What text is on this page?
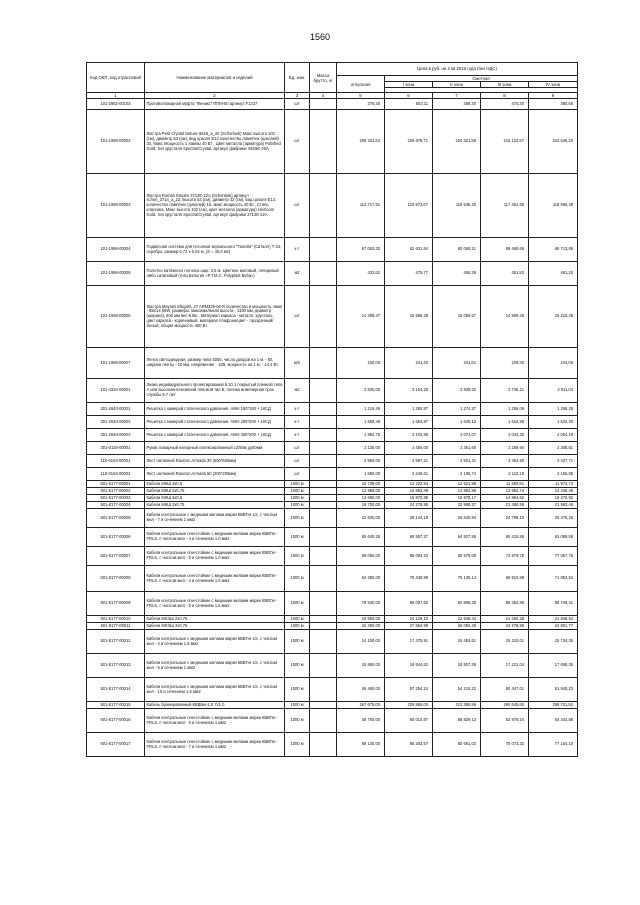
1560
Код ОКП, код отраслевой	Наименование материалов и изделий	Ед. изм.	Масса брутто, кг	Цена в руб. на 2 кв 2016 года (без НДС)				
				отпускная	Сметная			
					I зона	II зона	III зона	IV зона

1	2	3	4	5	6	7	8	9
101-3862-00103	Противопожарная муфта "Феникс" ППМ-50 артикул F1237	шт		379,25	502,11	489,20	470,20	480,65
101-1958-00002	Люстра Petit Crystal Deluxe 6618_a_20 (Schonbek) Макс высота 102 (см), диаметр 53 (см), вид цоколя Е12 количество ламп/чек (цоколей) 20, Макс Мощность 1 лампы 40 Вт , Цвет металла (арматура) Polished Gold, тип хрусталя Spectra/Crystal, артикул фабрики: 6618E-20A	шт		209 331,64	229 878,71	220 321,59	216 123,57	222 645,20
101-1958-00003	Люстра Roman Empire 3714E-22A (Schonbek) артикул schon_3714_a_22, высота 52 (см), диаметр 42 (см), вид цоколя Е12, количество ламп/чек (цоколей) 10, макс.мощность 40 Вт., Стиль классика, Макс высота 102 (см), цвет металла (арматура) Heirloom Gold, тип хрусталя Spectra/Crystal, артикул фабрики 3714E-22A	шт		112 717,51	123 673,67	118 635,20	117 451,65	119 586,38
101-1958-00004	Подвесная система для потолков зеркального "Талейн" (Ситалл) Т-24, серебро, размер 6,72 х 6,04 м, (S = 40,6 м2)	к-т		57 063,33	62 631,64	60 060,21	59 460,69	60 713,88
101-1958-00005	Полотно натяжного потолка шир. 3,5 м. Цветное матовый, глянцевый либо сатиновый (п-во Бельгия «P.T.M.C. Polyplast Bvba»)	м2		433,62	475,77	456,39	451,83	461,20
101-1958-00006	Люстра Maytoni Elegant, 27 ARM325-06-R количество и мощность ламп - 8хЕ14 60W, размеры: максимальная высота - 1190 мм, диаметр (ширина), 600 мм вес-6.8кг., Материал каркаса - металл, хрусталь, цвет каркаса - коричневый, материал плафона/цвет - прозрачный/белый, общая мощность 480 Вт.	шт		14 308,47	15 699,28	15 059,67	14 909,45	15 218,49
101-1958-00007	Лента светодиодная, размер чипа 5050, число диодов на 1 м. - 60, ширина ленты - 10 мм, напряжение - 12В, мощность на 1 м. - 14,4 Вт.	м/п		220,06	241,45	231,61	229,30	234,06
101-4334-00001	Знаки индивидуального проектирования 6.10.1 покрытый пленкой типа А или высокоинтенсивной пленкой тип Б, пленка инженерная срок службы 5-7 лет	м2		2 830,00	3 104,29	2 939,52	2 735,21	2 811,04
301-2640-00001	Решетка с камерой статического давления. АМН 150*150 + 1КСД	к-т		1 219,49	1 292,87	1 274,37	1 256,09	1 268,29
301-2640-00002	Решетка с камерой статического давления. АМН 200*200 + 1КСД	к-т		1 569,49	1 663,87	1 640,12	1 616,59	1 632,30
301-2640-00003	Решетка с камерой статического давления. АМН 400*200 + 1КСД	к-т		1 984,75	2 103,85	2 074,07	2 044,30	2 064,18
301-0126-00001	Рукав пожарный напорный латексированный с2/50м ду50мм	шт		2 130,00	2 406,00	2 351,65	2 259,94	2 308,81
110-0163-00001	Лист натяжной Ravizon Armada 30 (500*500мм)	шт		2 960,00	3 587,21	3 501,31	3 364,90	3 437,71
110-0163-00002	Лист натяжной Ravizon Armada 50 (200*200мм)	шт		1 850,00	2 249,61	2 195,74	2 110,19	2 155,85
501-8177-00001	Кабели МКШ 2х0,5	1000 м		10 739,00	13 222,94	12 521,98	11 650,81	11 973,73
501-8177-00002	Кабели МКШ 2х0,75	1000 м		12 859,00	15 893,49	14 994,95	13 952,74	14 339,45
501-8177-00003	Кабели МКШ 3х0,5	1000 м		13 690,00	16 870,85	15 978,17	14 864,62	15 276,82
501-8177-00004	Кабели МКШ 3х0,75	1000 м		19 700,00	24 278,95	22 988,37	21 390,59	21 983,45
501-8177-00005	Кабели контрольные с медными жилами марки КВВГнг-LS, с числом жил - 7 и сечением 1 мм2	1000 м		22 830,00	28 134,19	26 640,84	24 789,10	25 476,25
501-8177-00006	Кабели контрольные огнестойкие с медными жилами марки КВВГнг-FRLS, с числом жил - 4 и сечением 1,0 мм2	1000 м		55 640,25	68 587,37	64 927,86	60 415,86	62 089,58
501-8177-00007	Кабели контрольные огнестойкие с медными жилами марки КВВГнг-FRLS, с числом жил - 5 и сечением 1,0 мм2	1000 м		69 050,00	85 093,33	80 579,08	74 979,78	77 057,75
501-8177-00008	Кабели контрольные огнестойкие с медными жилами марки КВВГнг-FRLS, с числом жил - 4 и сечением 1,5 мм2	1000 м		64 380,00	79 349,99	75 135,14	69 910,69	71 853,52
501-8177-00009	Кабели контрольные огнестойкие с медными жилами марки КВВГнг-FRLS, с числом жил - 5 и сечением 1,5 мм2	1000 м		79 530,00	98 007,52	92 805,35	86 354,95	88 748,41
501-8177-00010	Кабели МКЭШ 2х0,75	1000 м		19 580,00	24 129,10	22 848,34	21 260,28	21 849,54
501-8177-00011	Кабели МКЭШ 3х0,75	1000 м		22 360,00	27 554,99	26 092,39	24 278,85	24 951,77
501-8177-00012	Кабели контрольные с медными жилами марки КВВГнг-LS, с числом жил - 4 и сечением 1,5 мм2	1000 м		14 100,00	17 375,91	16 453,61	15 310,01	15 734,35
501-8177-00013	Кабели контрольные с медными жилами марки КВВГнг-LS, с числом жил - 5 и сечением 1 мм2	1000 м		15 860,00	19 544,62	18 507,39	17 221,04	17 698,35
501-8177-00014	Кабели контрольные с медными жилами марки КВВГнг-LS, с числом жил - 10 и сечением 1,5 мм2	1000 м		46 460,00	57 254,24	54 215,22	50 447,01	51 845,23
501-8177-00015	Кабель бронированный КВВБнг-LS 7х1.0	1000 м		267 675,00	329 865,00	312 355,96	290 645,60	298 701,52
501-8177-00016	Кабели контрольные огнестойкие с медными жилами марки КВВГнг-FRLS, с числом жил - 5 и сечением 1 мм2	1000 м		48 700,00	60 014,87	56 829,13	52 879,24	54 344,88
501-8177-00017	Кабели контрольные огнестойкие с медными жилами марки КВВГнг-FRLS, с числом жил - 7 и сечением 1 мм2	1000 м		69 140,00	85 203,57	80 681,02	75 073,32	77 154,10
